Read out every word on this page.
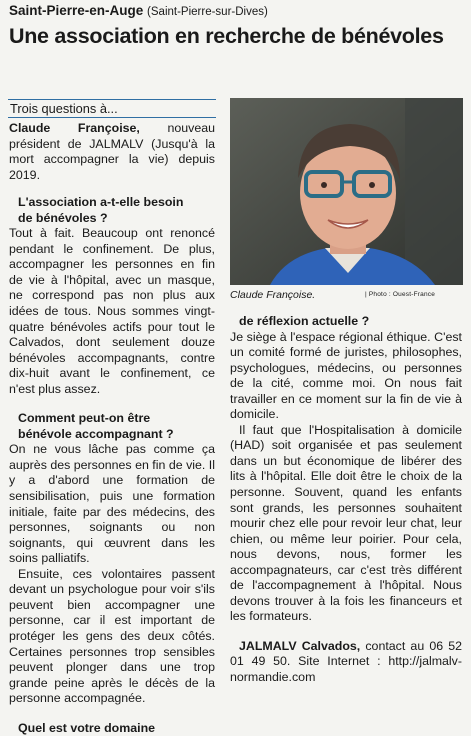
Saint-Pierre-en-Auge (Saint-Pierre-sur-Dives)
Une association en recherche de bénévoles
Trois questions à...

Claude Françoise, nouveau président de JALMALV (Jusqu'à la mort accompagner la vie) depuis 2019.

L'association a-t-elle besoin de bénévoles ?

Tout à fait. Beaucoup ont renoncé pendant le confinement. De plus, accompagner les personnes en fin de vie à l'hôpital, avec un masque, ne correspond pas non plus aux idées de tous. Nous sommes vingt-quatre bénévoles actifs pour tout le Calvados, dont seulement douze bénévoles accompagnants, contre dix-huit avant le confinement, ce n'est plus assez.

Comment peut-on être bénévole accompagnant ?

On ne vous lâche pas comme ça auprès des personnes en fin de vie. Il y a d'abord une formation de sensibilisation, puis une formation initiale, faite par des médecins, des personnes, soignants ou non soignants, qui œuvrent dans les soins palliatifs.

Ensuite, ces volontaires passent devant un psychologue pour voir s'ils peuvent bien accompagner une personne, car il est important de protéger les gens des deux côtés. Certaines personnes trop sensibles peuvent plonger dans une trop grande peine après le décès de la personne accompagnée.

Quel est votre domaine

Claude Françoise.	| Photo : Ouest-France

de réflexion actuelle ?

Je siège à l'espace régional éthique. C'est un comité formé de juristes, philosophes, psychologues, médecins, ou personnes de la cité, comme moi. On nous fait travailler en ce moment sur la fin de vie à domicile.

Il faut que l'Hospitalisation à domicile (HAD) soit organisée et pas seulement dans un but économique de libérer des lits à l'hôpital. Elle doit être le choix de la personne. Souvent, quand les enfants sont grands, les personnes souhaitent mourir chez elle pour revoir leur chat, leur chien, ou même leur poirier. Pour cela, nous devons, nous, former les accompagnateurs, car c'est très différent de l'accompagnement à l'hôpital. Nous devons trouver à la fois les financeurs et les formateurs.

JALMALV Calvados, contact au 06 52 01 49 50. Site Internet : http://jalmalv-normandie.com
